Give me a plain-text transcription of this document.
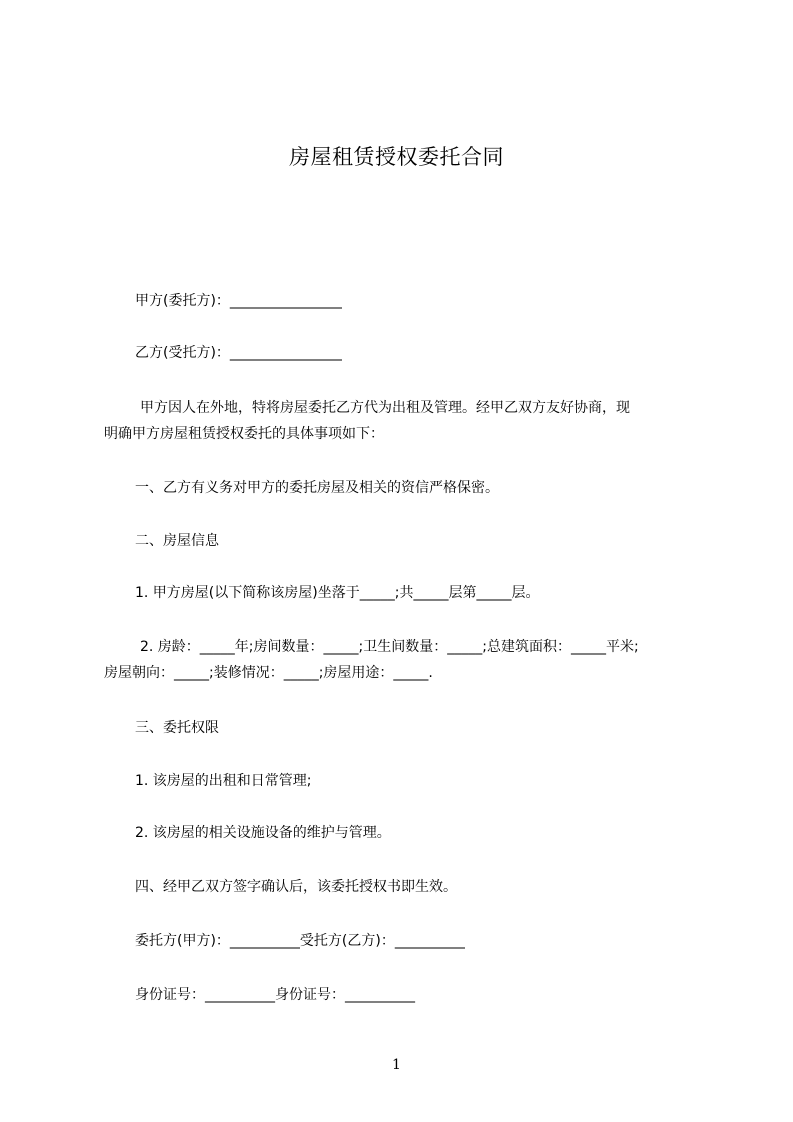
房屋租赁授权委托合同
甲方(委托方)：________________
乙方(受托方)：________________
甲方因人在外地，特将房屋委托乙方代为出租及管理。经甲乙双方友好协商，现
明确甲方房屋租赁授权委托的具体事项如下：
一、乙方有义务对甲方的委托房屋及相关的资信严格保密。
二、房屋信息
1. 甲方房屋(以下简称该房屋)坐落于_____;共_____层第_____层。
2. 房龄：_____年;房间数量：_____;卫生间数量：_____;总建筑面积：_____平米;
房屋朝向：_____;装修情况：_____;房屋用途：_____.
三、委托权限
1. 该房屋的出租和日常管理;
2. 该房屋的相关设施设备的维护与管理。
四、经甲乙双方签字确认后，该委托授权书即生效。
委托方(甲方)：__________受托方(乙方)：__________
身份证号：__________身份证号：__________
1
